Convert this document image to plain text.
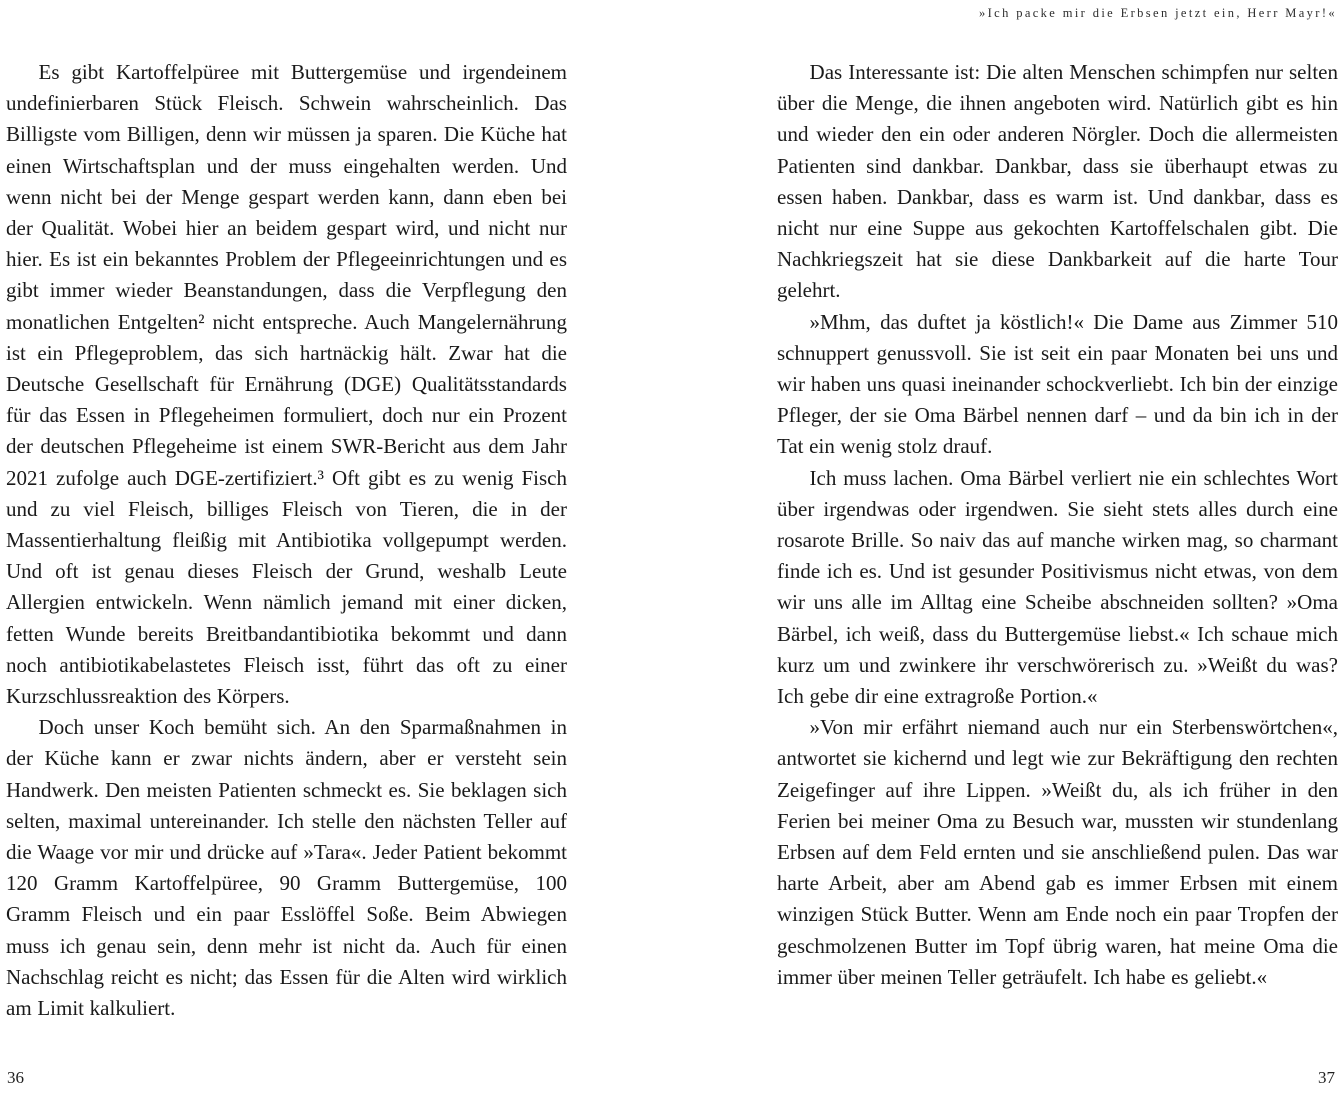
»Ich packe mir die Erbsen jetzt ein, Herr Mayr!«

Es gibt Kartoffelpüree mit Buttergemüse und irgendeinem undefinierbaren Stück Fleisch. Schwein wahrscheinlich. Das Billigste vom Billigen, denn wir müssen ja sparen. Die Küche hat einen Wirtschaftsplan und der muss eingehalten werden. Und wenn nicht bei der Menge gespart werden kann, dann eben bei der Qualität. Wobei hier an beidem gespart wird, und nicht nur hier. Es ist ein bekanntes Problem der Pflegeeinrichtungen und es gibt immer wieder Beanstandungen, dass die Verpflegung den monatlichen Entgelten² nicht entspreche. Auch Mangelernährung ist ein Pflegeproblem, das sich hartnäckig hält. Zwar hat die Deutsche Gesellschaft für Ernährung (DGE) Qualitätsstandards für das Essen in Pflegeheimen formuliert, doch nur ein Prozent der deutschen Pflegeheime ist einem SWR-Bericht aus dem Jahr 2021 zufolge auch DGE-zertifiziert.³ Oft gibt es zu wenig Fisch und zu viel Fleisch, billiges Fleisch von Tieren, die in der Massentierhaltung fleißig mit Antibiotika vollgepumpt werden. Und oft ist genau dieses Fleisch der Grund, weshalb Leute Allergien entwickeln. Wenn nämlich jemand mit einer dicken, fetten Wunde bereits Breitbandantibiotika bekommt und dann noch antibiotikabelastetes Fleisch isst, führt das oft zu einer Kurzschlussreaktion des Körpers.

Doch unser Koch bemüht sich. An den Sparmaßnahmen in der Küche kann er zwar nichts ändern, aber er versteht sein Handwerk. Den meisten Patienten schmeckt es. Sie beklagen sich selten, maximal untereinander. Ich stelle den nächsten Teller auf die Waage vor mir und drücke auf »Tara«. Jeder Patient bekommt 120 Gramm Kartoffelpüree, 90 Gramm Buttergemüse, 100 Gramm Fleisch und ein paar Esslöffel Soße. Beim Abwiegen muss ich genau sein, denn mehr ist nicht da. Auch für einen Nachschlag reicht es nicht; das Essen für die Alten wird wirklich am Limit kalkuliert.

Das Interessante ist: Die alten Menschen schimpfen nur selten über die Menge, die ihnen angeboten wird. Natürlich gibt es hin und wieder den ein oder anderen Nörgler. Doch die allermeisten Patienten sind dankbar. Dankbar, dass sie überhaupt etwas zu essen haben. Dankbar, dass es warm ist. Und dankbar, dass es nicht nur eine Suppe aus gekochten Kartoffelschalen gibt. Die Nachkriegszeit hat sie diese Dankbarkeit auf die harte Tour gelehrt.

»Mhm, das duftet ja köstlich!« Die Dame aus Zimmer 510 schnuppert genussvoll. Sie ist seit ein paar Monaten bei uns und wir haben uns quasi ineinander schockverliebt. Ich bin der einzige Pfleger, der sie Oma Bärbel nennen darf – und da bin ich in der Tat ein wenig stolz drauf.

Ich muss lachen. Oma Bärbel verliert nie ein schlechtes Wort über irgendwas oder irgendwen. Sie sieht stets alles durch eine rosarote Brille. So naiv das auf manche wirken mag, so charmant finde ich es. Und ist gesunder Positivismus nicht etwas, von dem wir uns alle im Alltag eine Scheibe abschneiden sollten? »Oma Bärbel, ich weiß, dass du Buttergemüse liebst.« Ich schaue mich kurz um und zwinkere ihr verschwörerisch zu. »Weißt du was? Ich gebe dir eine extragroße Portion.«

»Von mir erfährt niemand auch nur ein Sterbenswörtchen«, antwortet sie kichernd und legt wie zur Bekräftigung den rechten Zeigefinger auf ihre Lippen. »Weißt du, als ich früher in den Ferien bei meiner Oma zu Besuch war, mussten wir stundenlang Erbsen auf dem Feld ernten und sie anschließend pulen. Das war harte Arbeit, aber am Abend gab es immer Erbsen mit einem winzigen Stück Butter. Wenn am Ende noch ein paar Tropfen der geschmolzenen Butter im Topf übrig waren, hat meine Oma die immer über meinen Teller geträufelt. Ich habe es geliebt.«

36	37
